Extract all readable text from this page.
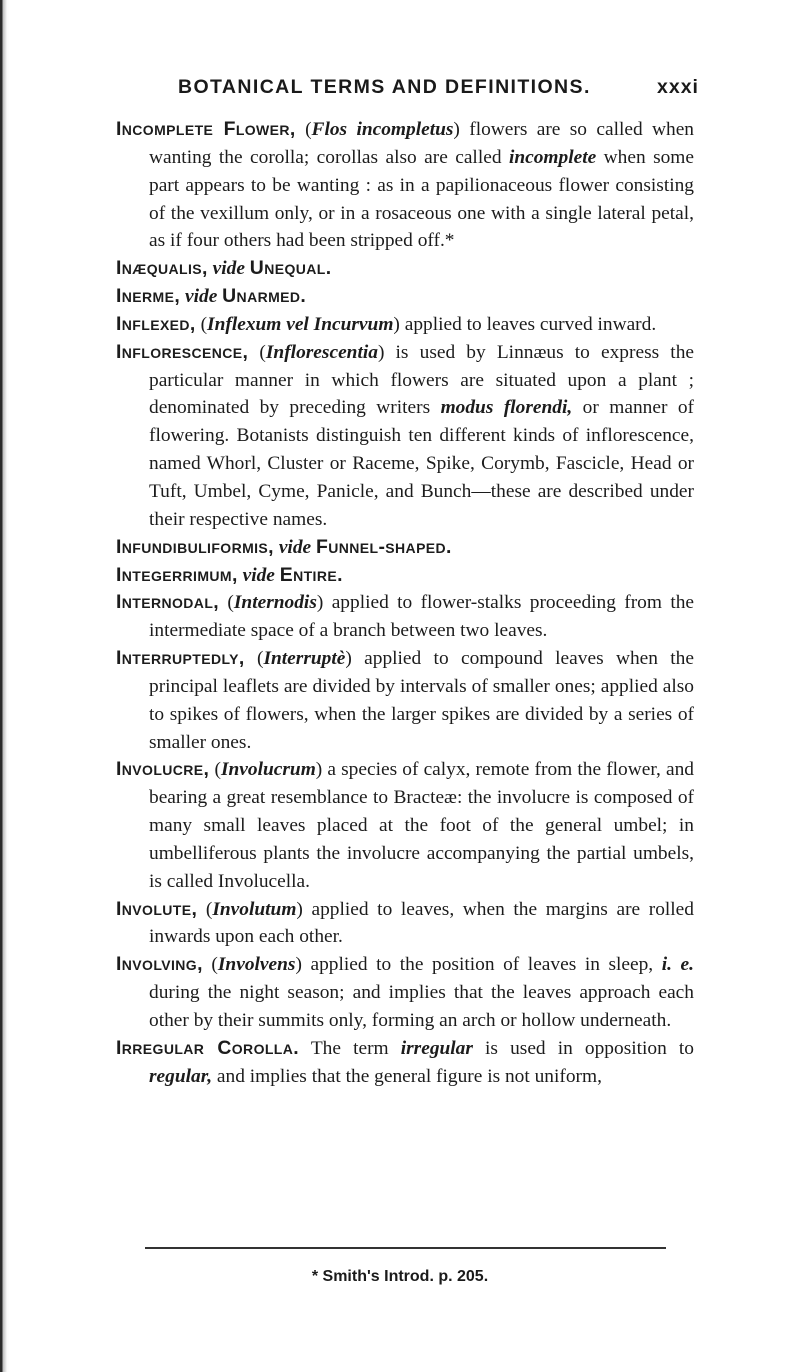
BOTANICAL TERMS AND DEFINITIONS.	xxxi

Incomplete Flower, (Flos incompletus) flowers are so called when wanting the corolla; corollas also are called incomplete when some part appears to be wanting : as in a papilionaceous flower consisting of the vexillum only, or in a rosaceous one with a single lateral petal, as if four others had been stripped off.*

Inæqualis, vide Unequal.

Inerme, vide Unarmed.

Inflexed, (Inflexum vel Incurvum) applied to leaves curved inward.

Inflorescence, (Inflorescentia) is used by Linnæus to express the particular manner in which flowers are situated upon a plant ; denominated by preceding writers modus florendi, or manner of flowering. Botanists distinguish ten different kinds of inflorescence, named Whorl, Cluster or Raceme, Spike, Corymb, Fascicle, Head or Tuft, Umbel, Cyme, Panicle, and Bunch—these are described under their respective names.

Infundibuliformis, vide Funnel-shaped.

Integerrimum, vide Entire.

Internodal, (Internodis) applied to flower-stalks proceeding from the intermediate space of a branch between two leaves.

Interruptedly, (Interruptè) applied to compound leaves when the principal leaflets are divided by intervals of smaller ones; applied also to spikes of flowers, when the larger spikes are divided by a series of smaller ones.

Involucre, (Involucrum) a species of calyx, remote from the flower, and bearing a great resemblance to Bracteæ: the involucre is composed of many small leaves placed at the foot of the general umbel; in umbelliferous plants the involucre accompanying the partial umbels, is called Involucella.

Involute, (Involutum) applied to leaves, when the margins are rolled inwards upon each other.

Involving, (Involvens) applied to the position of leaves in sleep, i. e. during the night season; and implies that the leaves approach each other by their summits only, forming an arch or hollow underneath.

Irregular Corolla. The term irregular is used in opposition to regular, and implies that the general figure is not uniform,

* Smith's Introd. p. 205.
